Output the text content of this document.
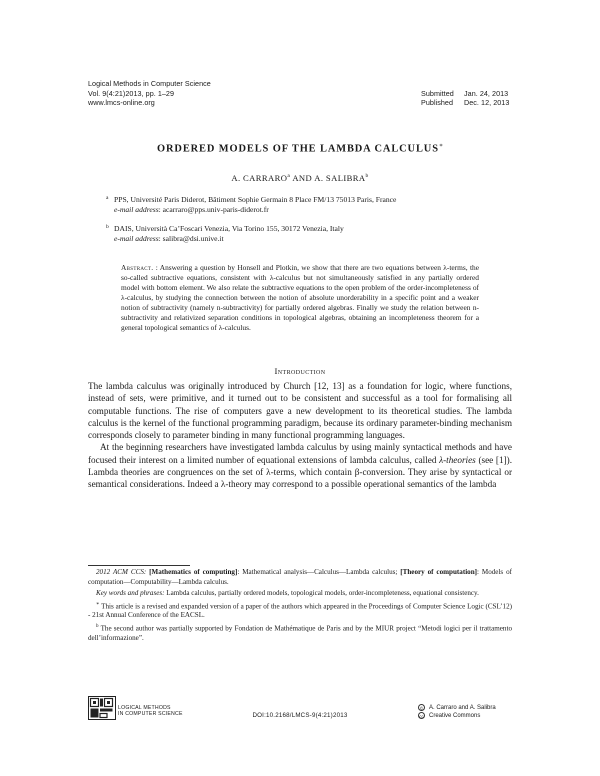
Logical Methods in Computer Science
Vol. 9(4:21)2013, pp. 1–29
www.lmcs-online.org
Submitted Jan. 24, 2013
Published Dec. 12, 2013
ORDERED MODELS OF THE LAMBDA CALCULUS∗
A. CARRARO$^a$ AND A. SALIBRA$^b$
a PPS, Université Paris Diderot, Bâtiment Sophie Germain 8 Place FM/13 75013 Paris, France
e-mail address: acarraro@pps.univ-paris-diderot.fr
b DAIS, Università Ca’Foscari Venezia, Via Torino 155, 30172 Venezia, Italy
e-mail address: salibra@dsi.unive.it
Abstract. : Answering a question by Honsell and Plotkin, we show that there are two equations between λ-terms, the so-called subtractive equations, consistent with λ-calculus but not simultaneously satisfied in any partially ordered model with bottom element. We also relate the subtractive equations to the open problem of the order-incompleteness of λ-calculus, by studying the connection between the notion of absolute unorderability in a specific point and a weaker notion of subtractivity (namely n-subtractivity) for partially ordered algebras. Finally we study the relation between n-subtractivity and relativized separation conditions in topological algebras, obtaining an incompleteness theorem for a general topological semantics of λ-calculus.
Introduction

The lambda calculus was originally introduced by Church [12, 13] as a foundation for logic, where functions, instead of sets, were primitive, and it turned out to be consistent and successful as a tool for formalising all computable functions. The rise of computers gave a new development to its theoretical studies. The lambda calculus is the kernel of the functional programming paradigm, because its ordinary parameter-binding mechanism corresponds closely to parameter binding in many functional programming languages.

At the beginning researchers have investigated lambda calculus by using mainly syntactical methods and have focused their interest on a limited number of equational extensions of lambda calculus, called λ-theories (see [1]). Lambda theories are congruences on the set of λ-terms, which contain β-conversion. They arise by syntactical or semantical considerations. Indeed a λ-theory may correspond to a possible operational semantics of the lambda

2012 ACM CCS: [Mathematics of computing]: Mathematical analysis—Calculus—Lambda calculus; [Theory of computation]: Models of computation—Computability—Lambda calculus.

Key words and phrases: Lambda calculus, partially ordered models, topological models, order-incompleteness, equational consistency.

∗ This article is a revised and expanded version of a paper of the authors which appeared in the Proceedings of Computer Science Logic (CSL’12) - 21st Annual Conference of the EACSL.

$^b$ The second author was partially supported by Fondation de Mathématique de Paris and by the MIUR project “Metodi logici per il trattamento dell’informazione”.

LOGICAL METHODS
IN COMPUTER SCIENCE	DOI:10.2168/LMCS-9(4:21)2013
© A. Carraro and A. Salibra
cc Creative Commons
